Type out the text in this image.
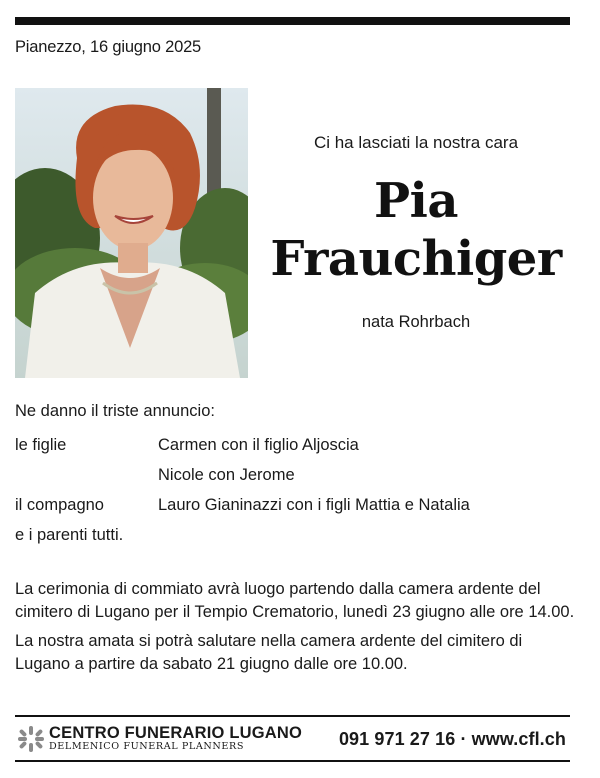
Pianezzo, 16 giugno 2025
Ci ha lasciati la nostra cara
Pia
Frauchiger
nata Rohrbach
Ne danno il triste annuncio:
le figlie	Carmen con il figlio Aljoscia
Nicole con Jerome
il compagno	Lauro Gianinazzi con i figli Mattia e Natalia
e i parenti tutti.

La cerimonia di commiato avrà luogo partendo dalla camera ardente del cimitero di Lugano per il Tempio Crematorio, lunedì 23 giugno alle ore 14.00.

La nostra amata si potrà salutare nella camera ardente del cimitero di Lugano a partire da sabato 21 giugno dalle ore 10.00.

CENTRO FUNERARIO LUGANO
DELMENICO FUNERAL PLANNERS	091 971 27 16 · www.cfl.ch
